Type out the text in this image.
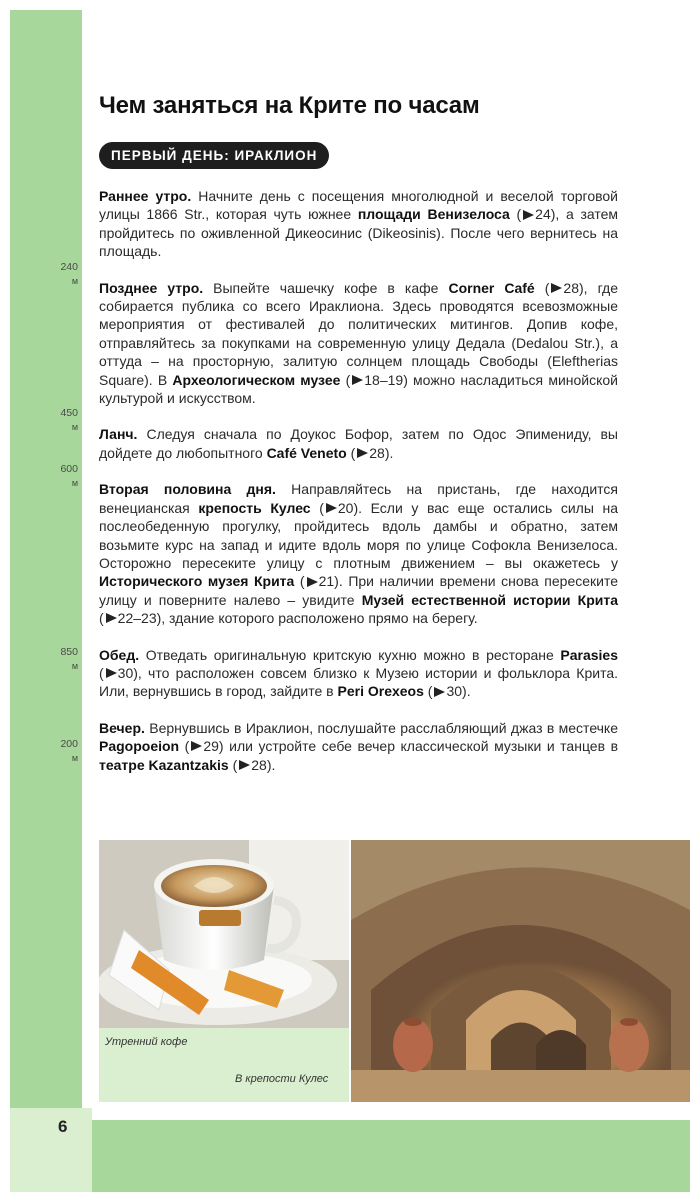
6
240
м
450
м
600
м
850
м
200
м
Чем заняться на Крите по часам
ПЕРВЫЙ ДЕНЬ: ИРАКЛИОН

Раннее утро. Начните день с посещения многолюдной и веселой торговой улицы 1866 Str., которая чуть южнее площади Венизелоса ( 24), а затем пройдитесь по оживленной Дикеосинис (Dikeosinis). После чего вернитесь на площадь.

Позднее утро. Выпейте чашечку кофе в кафе Corner Café ( 28), где собирается публика со всего Ираклиона. Здесь проводятся всевозможные мероприятия от фестивалей до политических митингов. Допив кофе, отправляйтесь за покупками на современную улицу Дедала (Dedalou Str.), а оттуда – на просторную, залитую солнцем площадь Свободы (Eleftherias Square). В Археологическом музее ( 18–19) можно насладиться минойской культурой и искусством.

Ланч. Следуя сначала по Доукос Бофор, затем по Одос Эпимениду, вы дойдете до любопытного Café Veneto ( 28).

Вторая половина дня. Направляйтесь на пристань, где находится венецианская крепость Кулес ( 20). Если у вас еще остались силы на послеобеденную прогулку, пройдитесь вдоль дамбы и обратно, затем возьмите курс на запад и идите вдоль моря по улице Софокла Венизелоса. Осторожно пересеките улицу с плотным движением – вы окажетесь у Исторического музея Крита ( 21). При наличии времени снова пересеките улицу и поверните налево – увидите Музей естественной истории Крита ( 22–23), здание которого расположено прямо на берегу.

Обед. Отведать оригинальную критскую кухню можно в ресторане Parasies ( 30), что расположен совсем близко к Музею истории и фольклора Крита. Или, вернувшись в город, зайдите в Peri Orexeos ( 30).

Вечер. Вернувшись в Ираклион, послушайте расслабляющий джаз в местечке Pagopoeion ( 29) или устройте себе вечер классической музыки и танцев в театре Kazantzakis ( 28).

Утренний кофе
В крепости Кулес
